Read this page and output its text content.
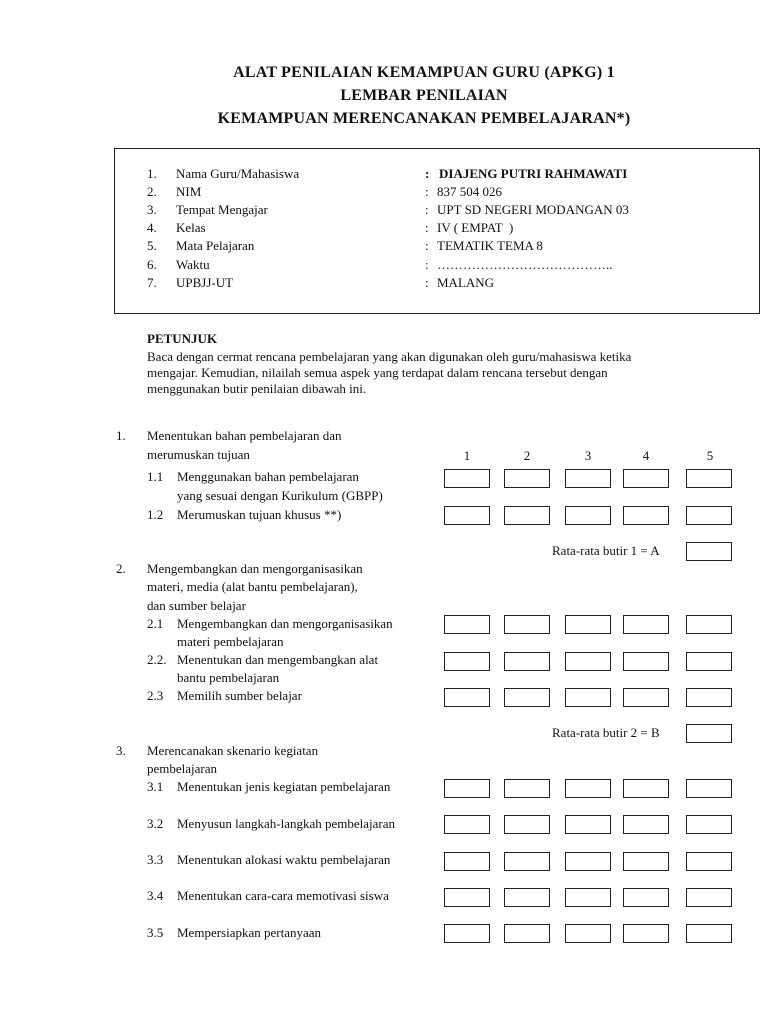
ALAT PENILAIAN KEMAMPUAN GURU (APKG) 1
LEMBAR PENILAIAN
KEMAMPUAN MERENCANAKAN PEMBELAJARAN*)
1. Nama Guru/Mahasiswa	: DIAJENG PUTRI RAHMAWATI
2. NIM	: 837 504 026
3. Tempat Mengajar	: UPT SD NEGERI MODANGAN 03
4. Kelas	: IV ( EMPAT  )
5. Mata Pelajaran	: TEMATIK TEMA 8
6. Waktu	: …………………………………..
7. UPBJJ-UT	: MALANG
PETUNJUK
Baca dengan cermat rencana pembelajaran yang akan digunakan oleh guru/mahasiswa ketika
mengajar. Kemudian, nilailah semua aspek yang terdapat dalam rencana tersebut dengan
menggunakan butir penilaian dibawah ini.
1. Menentukan bahan pembelajaran dan
merumuskan tujuan	1	2	3	4	5
1.1 Menggunakan bahan pembelajaran
yang sesuai dengan Kurikulum (GBPP)
1.2 Merumuskan tujuan khusus **)
Rata-rata butir 1 = A
2. Mengembangkan dan mengorganisasikan
materi, media (alat bantu pembelajaran),
dan sumber belajar
2.1 Mengembangkan dan mengorganisasikan
materi pembelajaran
2.2. Menentukan dan mengembangkan alat
bantu pembelajaran
2.3 Memilih sumber belajar
Rata-rata butir 2 = B
3. Merencanakan skenario kegiatan
pembelajaran
3.1 Menentukan jenis kegiatan pembelajaran
3.2 Menyusun langkah-langkah pembelajaran
3.3 Menentukan alokasi waktu pembelajaran
3.4 Menentukan cara-cara memotivasi siswa
3.5 Mempersiapkan pertanyaan
